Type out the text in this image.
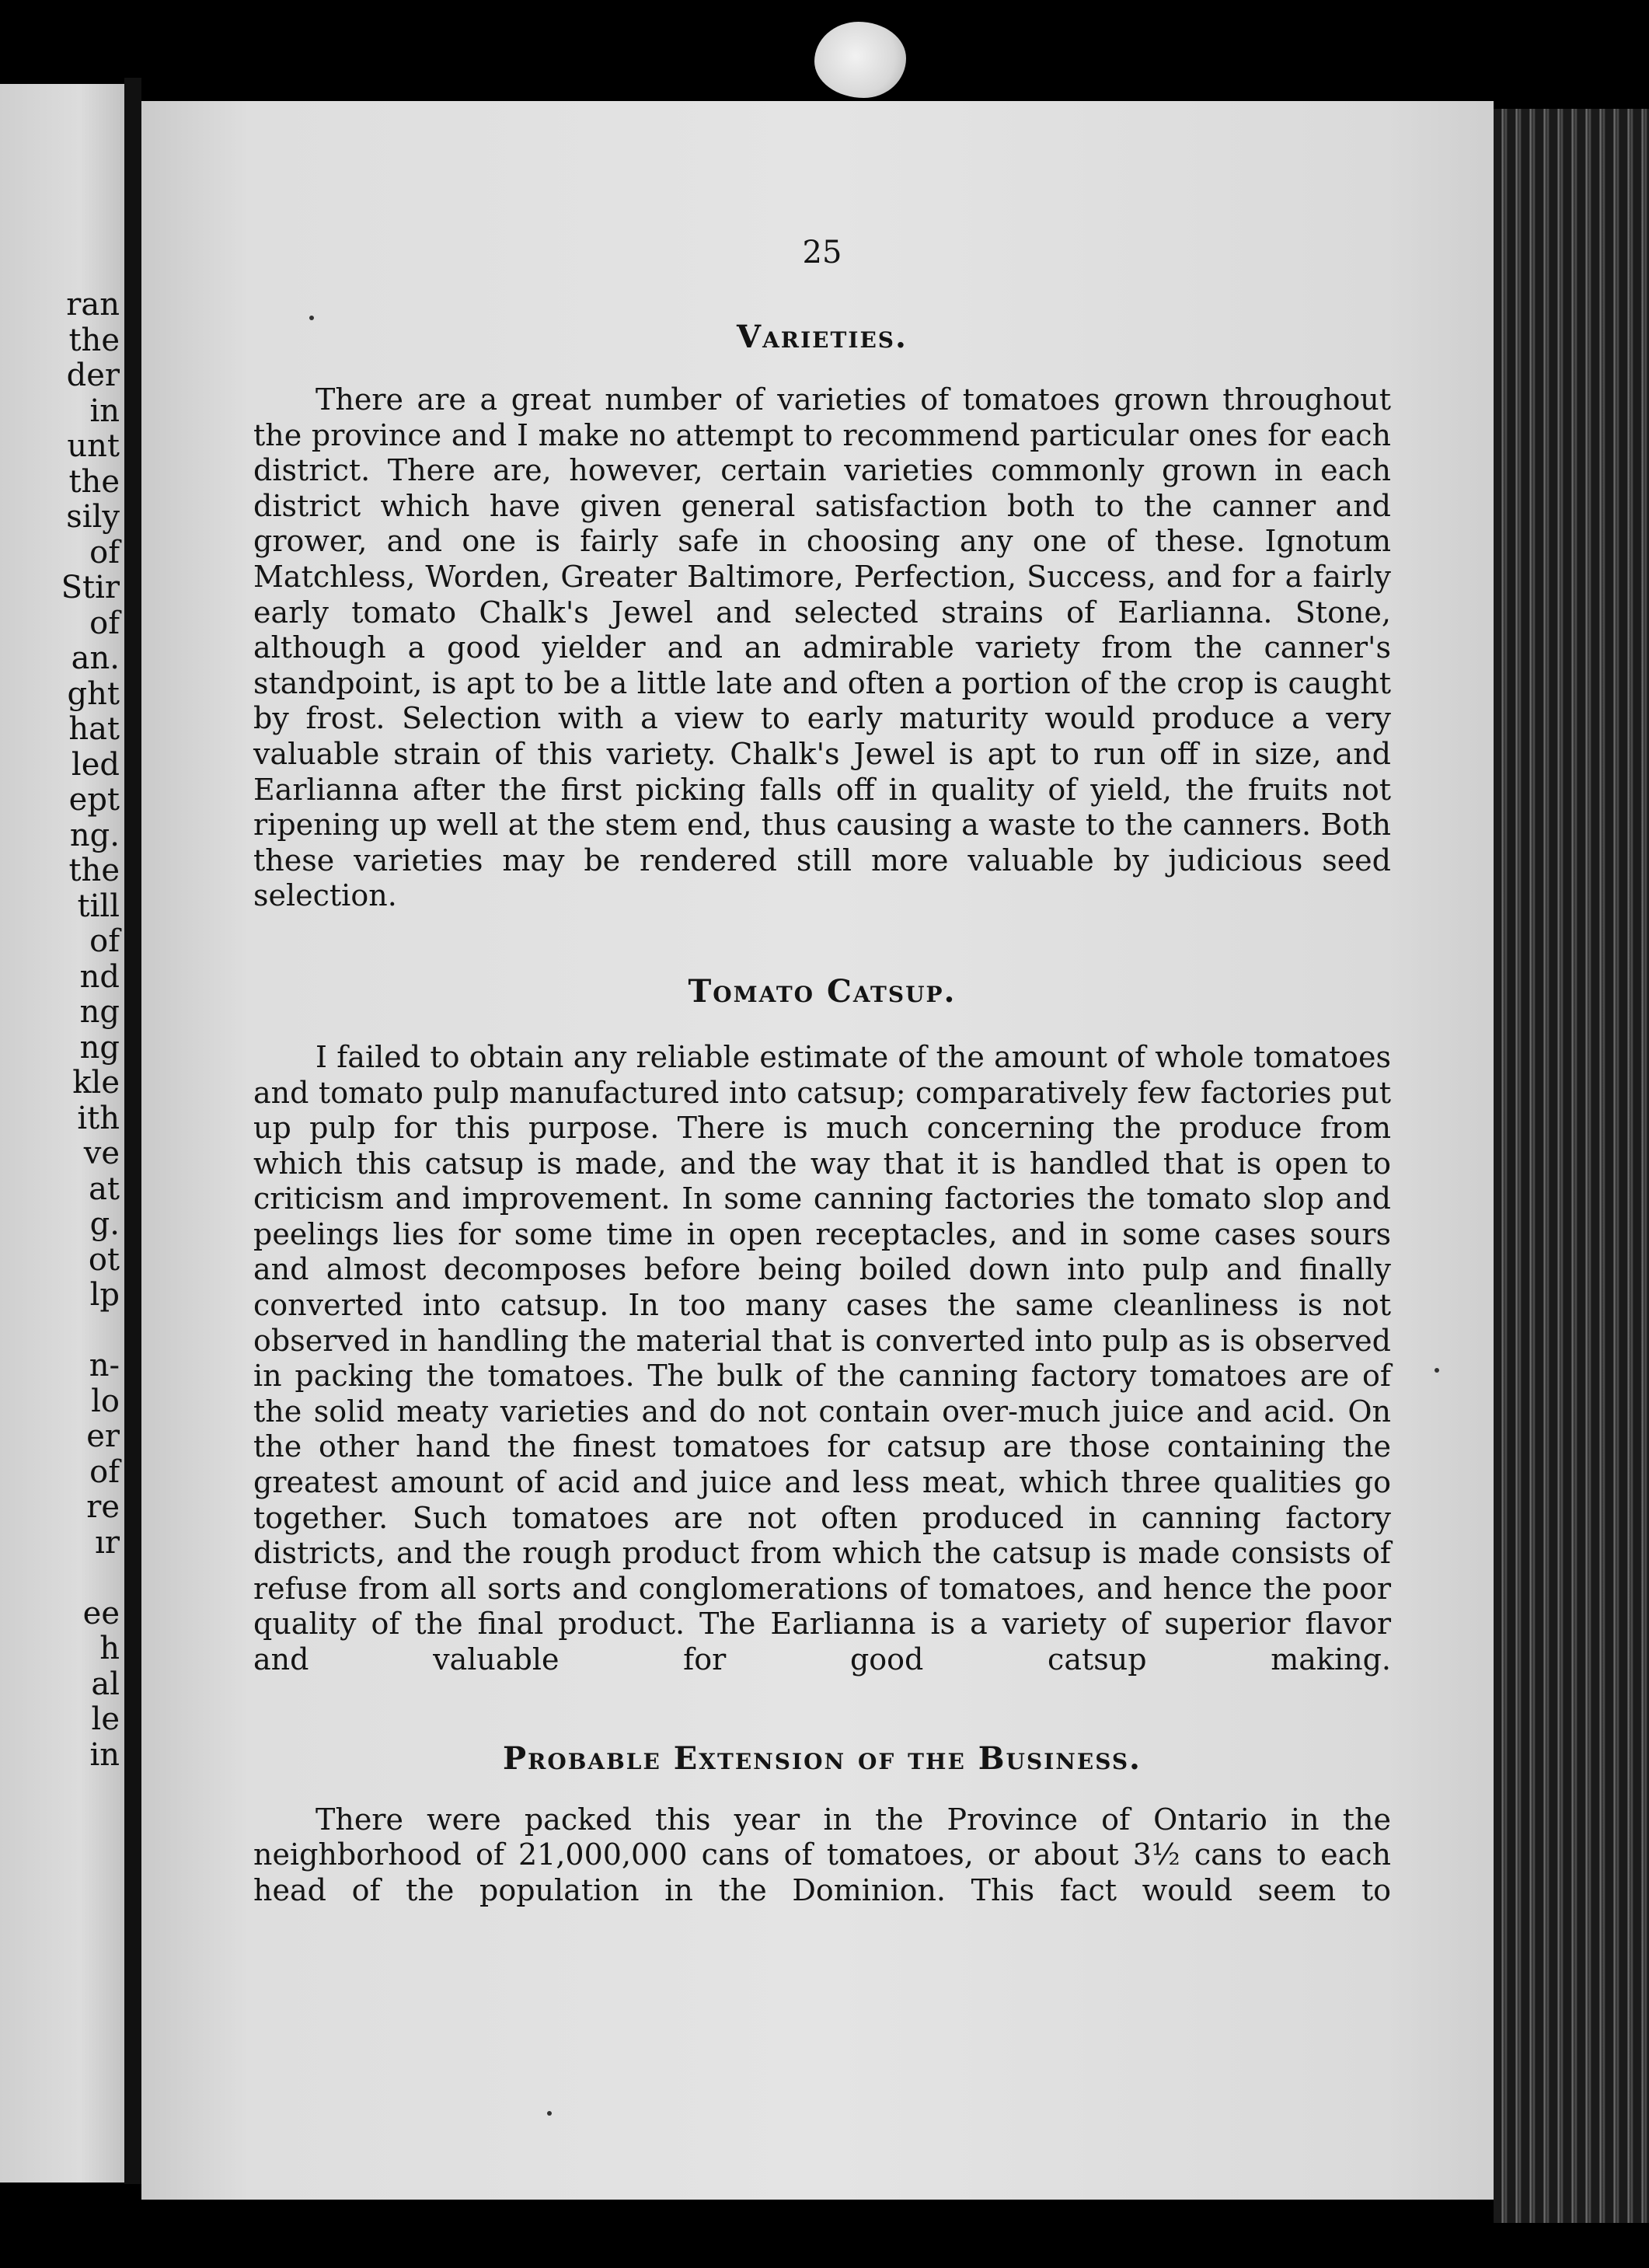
ran
the
der
in
unt
the
sily
of
Stir
of
an.
ght
hat
led
ept
ng.
the
till
of
nd
ng
ng
kle
ith
ve
at
g.
ot
lp
n-
lo
er
of
re
ır
ee
h
al
le
in

25

Varieties.

There are a great number of varieties of tomatoes grown throughout the province and I make no attempt to recommend particular ones for each district. There are, however, certain varieties commonly grown in each district which have given general satisfaction both to the canner and grower, and one is fairly safe in choosing any one of these. Ignotum Matchless, Worden, Greater Baltimore, Perfection, Success, and for a fairly early tomato Chalk's Jewel and selected strains of Earlianna. Stone, although a good yielder and an admirable variety from the canner's standpoint, is apt to be a little late and often a portion of the crop is caught by frost. Selection with a view to early maturity would produce a very valuable strain of this variety. Chalk's Jewel is apt to run off in size, and Earlianna after the first picking falls off in quality of yield, the fruits not ripening up well at the stem end, thus causing a waste to the canners. Both these varieties may be rendered still more valuable by judicious seed selection.

Tomato Catsup.

I failed to obtain any reliable estimate of the amount of whole tomatoes and tomato pulp manufactured into catsup; comparatively few factories put up pulp for this purpose. There is much concerning the produce from which this catsup is made, and the way that it is handled that is open to criticism and improvement. In some canning factories the tomato slop and peelings lies for some time in open receptacles, and in some cases sours and almost decomposes before being boiled down into pulp and finally converted into catsup. In too many cases the same cleanliness is not observed in handling the material that is converted into pulp as is observed in packing the tomatoes. The bulk of the canning factory tomatoes are of the solid meaty varieties and do not contain over-much juice and acid. On the other hand the finest tomatoes for catsup are those containing the greatest amount of acid and juice and less meat, which three qualities go together. Such tomatoes are not often produced in canning factory districts, and the rough product from which the catsup is made consists of refuse from all sorts and conglomerations of tomatoes, and hence the poor quality of the final product. The Earlianna is a variety of superior flavor and valuable for good catsup making.

Probable Extension of the Business.

There were packed this year in the Province of Ontario in the neighborhood of 21,000,000 cans of tomatoes, or about 3½ cans to each head of the population in the Dominion. This fact would seem to
